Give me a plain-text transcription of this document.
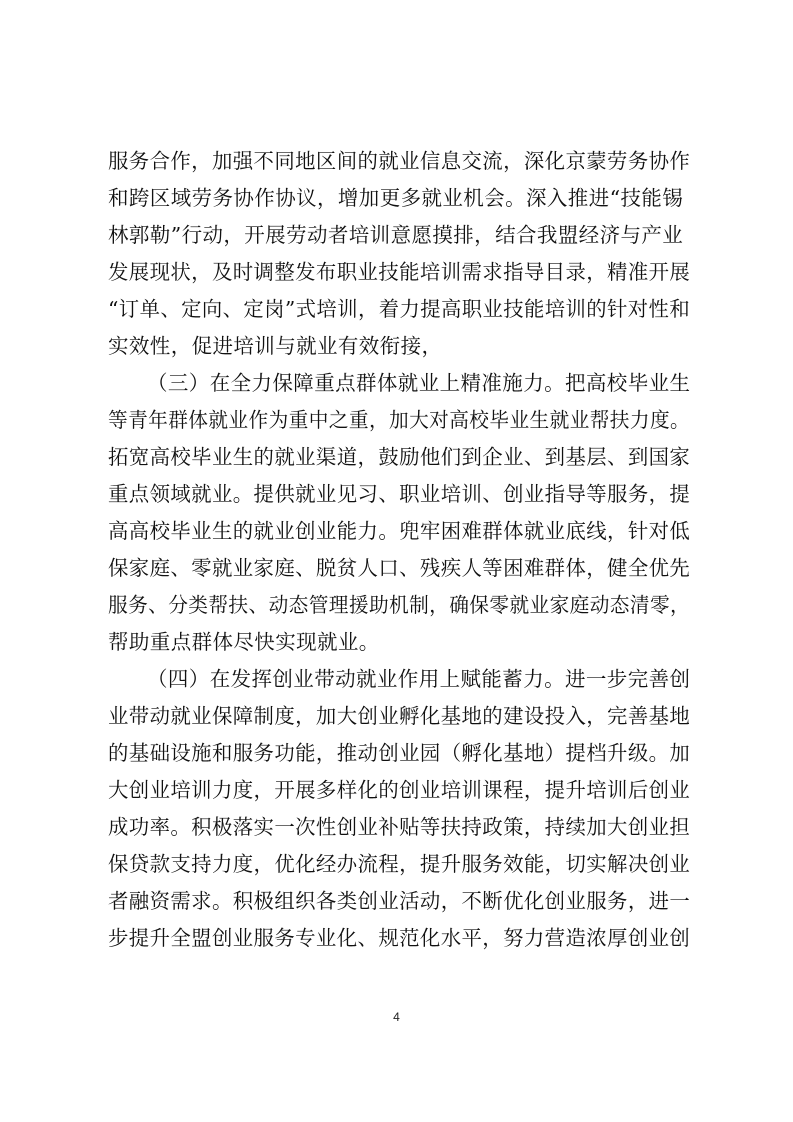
服务合作，加强不同地区间的就业信息交流，深化京蒙劳务协作
和跨区域劳务协作协议，增加更多就业机会。深入推进“技能锡
林郭勒”行动，开展劳动者培训意愿摸排，结合我盟经济与产业
发展现状，及时调整发布职业技能培训需求指导目录，精准开展
“订单、定向、定岗”式培训，着力提高职业技能培训的针对性和
实效性，促进培训与就业有效衔接，
（三）在全力保障重点群体就业上精准施力。把高校毕业生
等青年群体就业作为重中之重，加大对高校毕业生就业帮扶力度。
拓宽高校毕业生的就业渠道，鼓励他们到企业、到基层、到国家
重点领域就业。提供就业见习、职业培训、创业指导等服务，提
高高校毕业生的就业创业能力。兜牢困难群体就业底线，针对低
保家庭、零就业家庭、脱贫人口、残疾人等困难群体，健全优先
服务、分类帮扶、动态管理援助机制，确保零就业家庭动态清零，
帮助重点群体尽快实现就业。
（四）在发挥创业带动就业作用上赋能蓄力。进一步完善创
业带动就业保障制度，加大创业孵化基地的建设投入，完善基地
的基础设施和服务功能，推动创业园（孵化基地）提档升级。加
大创业培训力度，开展多样化的创业培训课程，提升培训后创业
成功率。积极落实一次性创业补贴等扶持政策，持续加大创业担
保贷款支持力度，优化经办流程，提升服务效能，切实解决创业
者融资需求。积极组织各类创业活动，不断优化创业服务，进一
步提升全盟创业服务专业化、规范化水平，努力营造浓厚创业创
4
